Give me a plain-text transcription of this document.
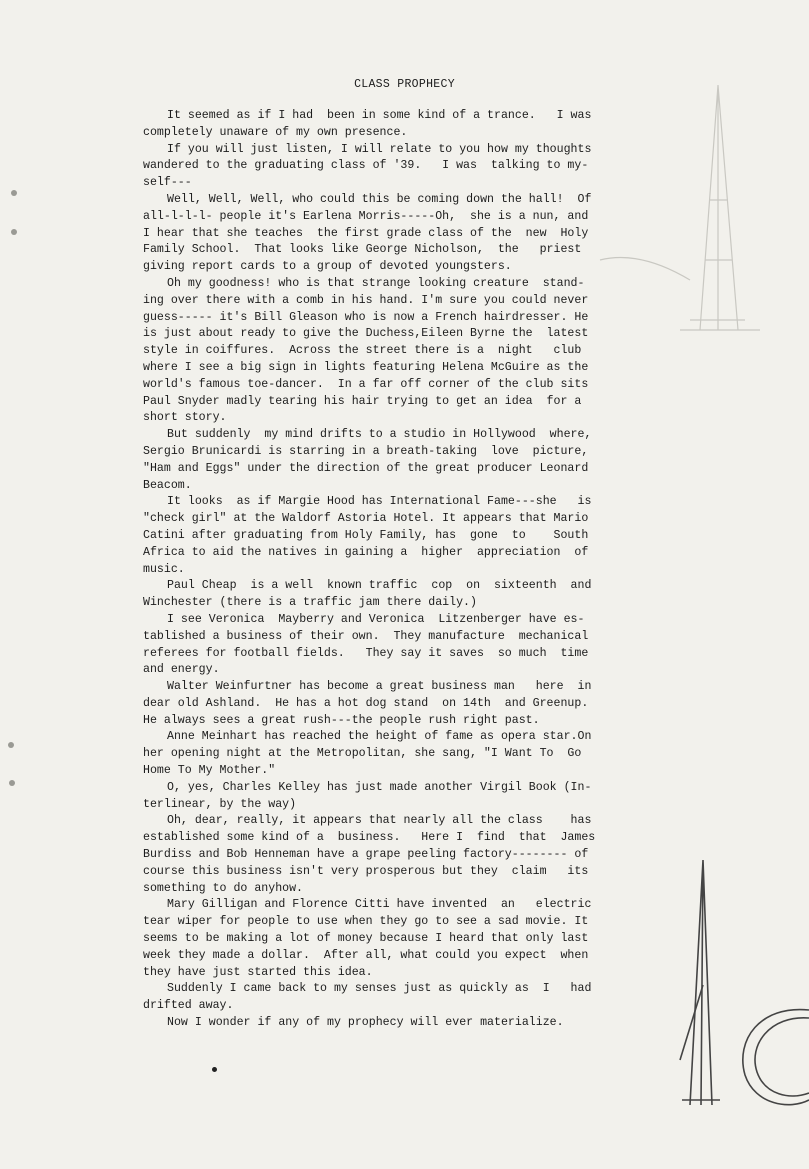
CLASS PROPHECY
It seemed as if I had  been in some kind of a trance.   I was
completely unaware of my own presence.
If you will just listen, I will relate to you how my thoughts
wandered to the graduating class of '39.   I was  talking to my-
self---
Well, Well, Well, who could this be coming down the hall!  Of
all-l-l-l- people it's Earlena Morris-----Oh,  she is a nun, and
I hear that she teaches  the first grade class of the  new  Holy
Family School.  That looks like George Nicholson,  the   priest
giving report cards to a group of devoted youngsters.
Oh my goodness! who is that strange looking creature  stand-
ing over there with a comb in his hand. I'm sure you could never
guess----- it's Bill Gleason who is now a French hairdresser. He
is just about ready to give the Duchess,Eileen Byrne the  latest
style in coiffures.  Across the street there is a  night   club
where I see a big sign in lights featuring Helena McGuire as the
world's famous toe-dancer.  In a far off corner of the club sits
Paul Snyder madly tearing his hair trying to get an idea  for a
short story.
But suddenly  my mind drifts to a studio in Hollywood  where,
Sergio Brunicardi is starring in a breath-taking  love  picture,
"Ham and Eggs" under the direction of the great producer Leonard
Beacom.
It looks  as if Margie Hood has International Fame---she   is
"check girl" at the Waldorf Astoria Hotel. It appears that Mario
Catini after graduating from Holy Family, has  gone  to    South
Africa to aid the natives in gaining a  higher  appreciation  of
music.
Paul Cheap  is a well  known traffic  cop  on  sixteenth  and
Winchester (there is a traffic jam there daily.)
I see Veronica  Mayberry and Veronica  Litzenberger have es-
tablished a business of their own.  They manufacture  mechanical
referees for football fields.   They say it saves  so much  time
and energy.
Walter Weinfurtner has become a great business man   here  in
dear old Ashland.  He has a hot dog stand  on 14th  and Greenup.
He always sees a great rush---the people rush right past.
Anne Meinhart has reached the height of fame as opera star.On
her opening night at the Metropolitan, she sang, "I Want To  Go
Home To My Mother."
O, yes, Charles Kelley has just made another Virgil Book (In-
terlinear, by the way)
Oh, dear, really, it appears that nearly all the class    has
established some kind of a  business.   Here I  find  that  James
Burdiss and Bob Henneman have a grape peeling factory-------- of
course this business isn't very prosperous but they  claim   its
something to do anyhow.
Mary Gilligan and Florence Citti have invented  an   electric
tear wiper for people to use when they go to see a sad movie. It
seems to be making a lot of money because I heard that only last
week they made a dollar.  After all, what could you expect  when
they have just started this idea.
Suddenly I came back to my senses just as quickly as  I   had
drifted away.
Now I wonder if any of my prophecy will ever materialize.
